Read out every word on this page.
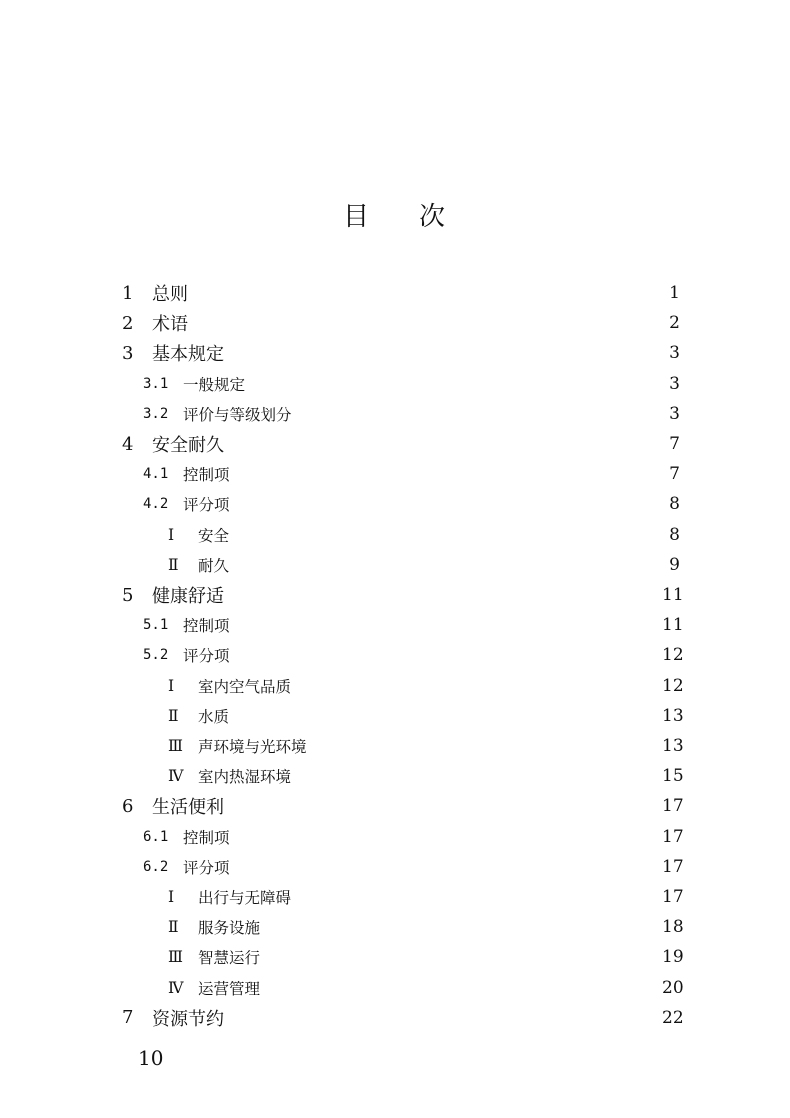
目 次
1	总则	1
2	术语	2
3	基本规定	3
3.1 一般规定	3
3.2 评价与等级划分	3
4	安全耐久	7
4.1 控制项	7
4.2 评分项	8
Ⅰ	安全	8
Ⅱ	耐久	9
5	健康舒适	11
5.1 控制项	11
5.2 评分项	12
Ⅰ	室内空气品质	12
Ⅱ	水质	13
Ⅲ 声环境与光环境	13
Ⅳ 室内热湿环境	15
6	生活便利	17
6.1 控制项	17
6.2 评分项	17
Ⅰ	出行与无障碍	17
Ⅱ	服务设施	18
Ⅲ 智慧运行	19
Ⅳ 运营管理	20
7	资源节约	22
10
